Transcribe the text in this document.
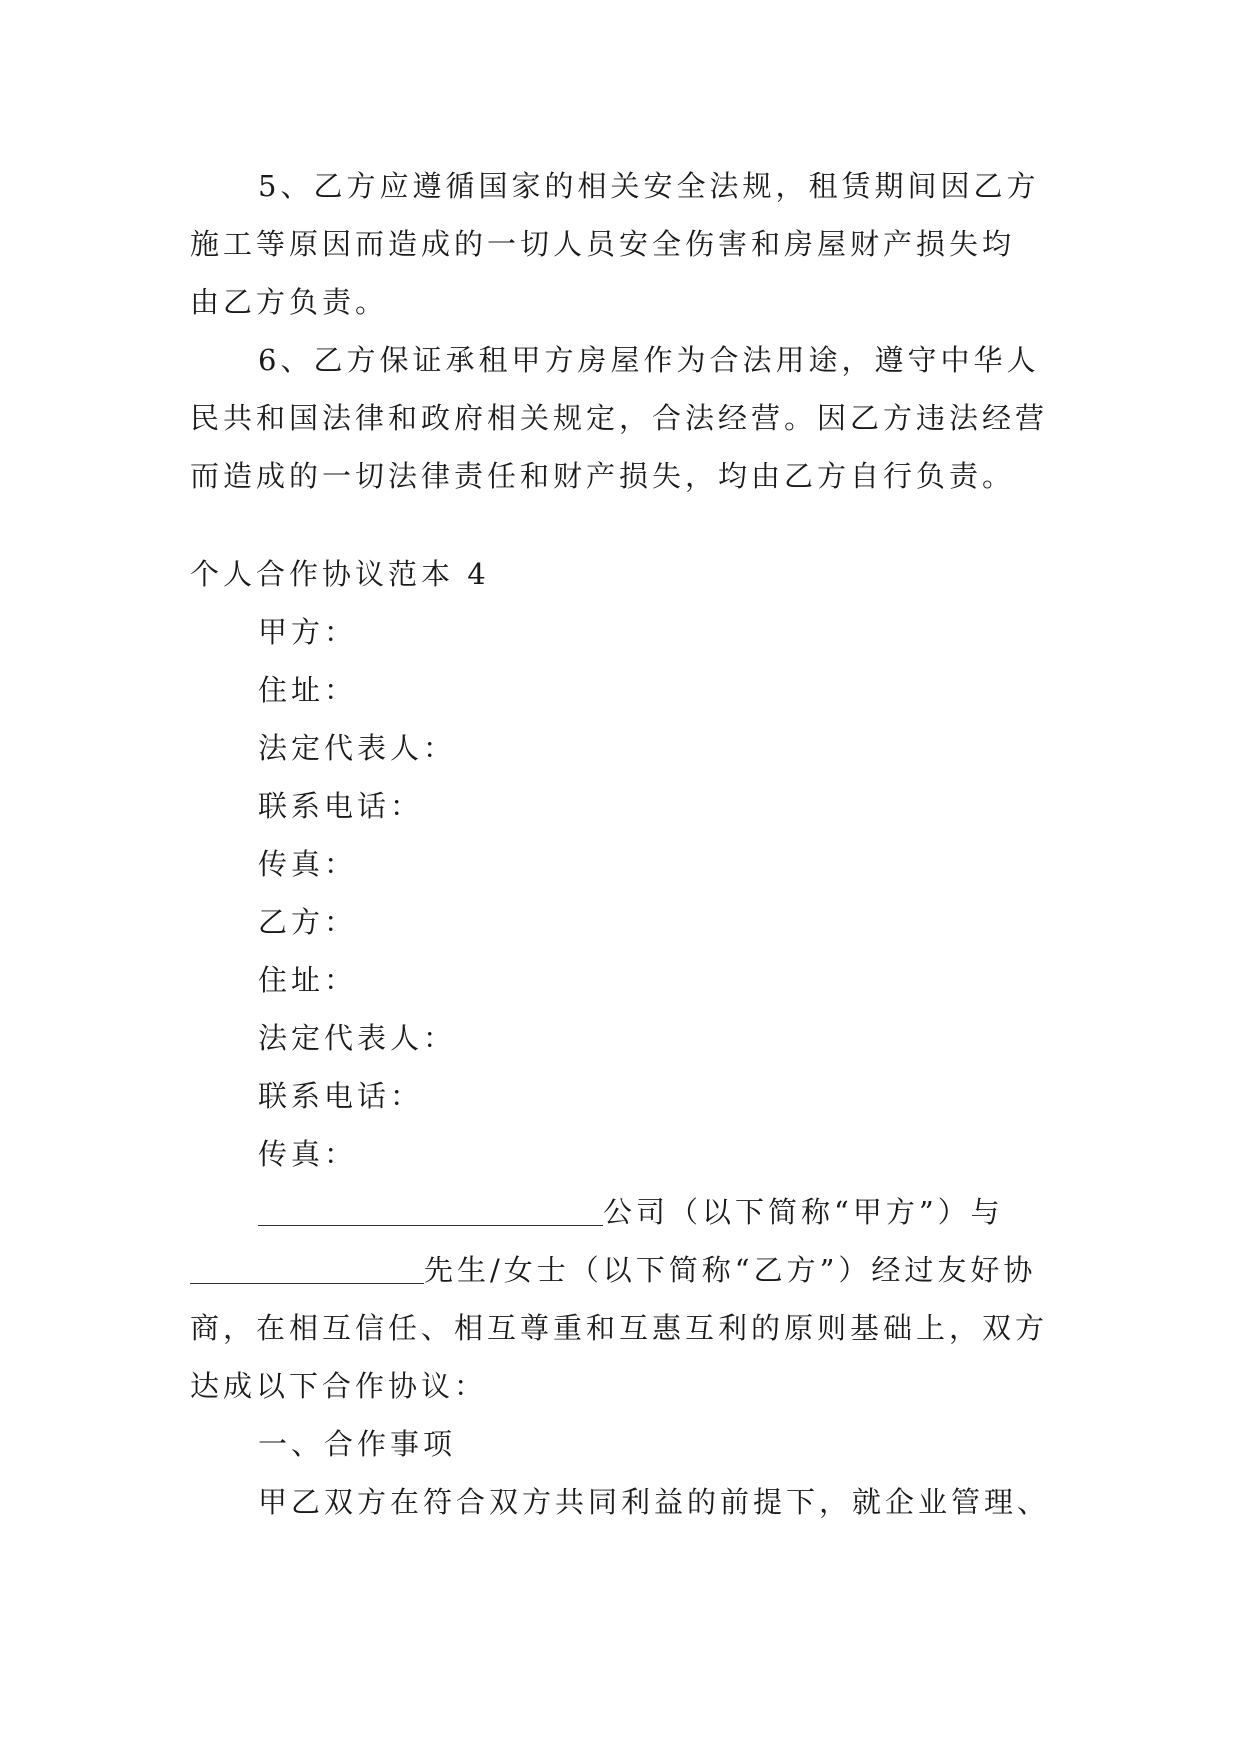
5、乙方应遵循国家的相关安全法规，租赁期间因乙方
施工等原因而造成的一切人员安全伤害和房屋财产损失均
由乙方负责。
6、乙方保证承租甲方房屋作为合法用途，遵守中华人
民共和国法律和政府相关规定，合法经营。因乙方违法经营
而造成的一切法律责任和财产损失，均由乙方自行负责。
个人合作协议范本 4
甲方：
住址：
法定代表人：
联系电话：
传真：
乙方：
住址：
法定代表人：
联系电话：
传真：
公司（以下简称“甲方”）与
先生/女士（以下简称“乙方”）经过友好协
商，在相互信任、相互尊重和互惠互利的原则基础上，双方
达成以下合作协议：
一、合作事项
甲乙双方在符合双方共同利益的前提下，就企业管理、
